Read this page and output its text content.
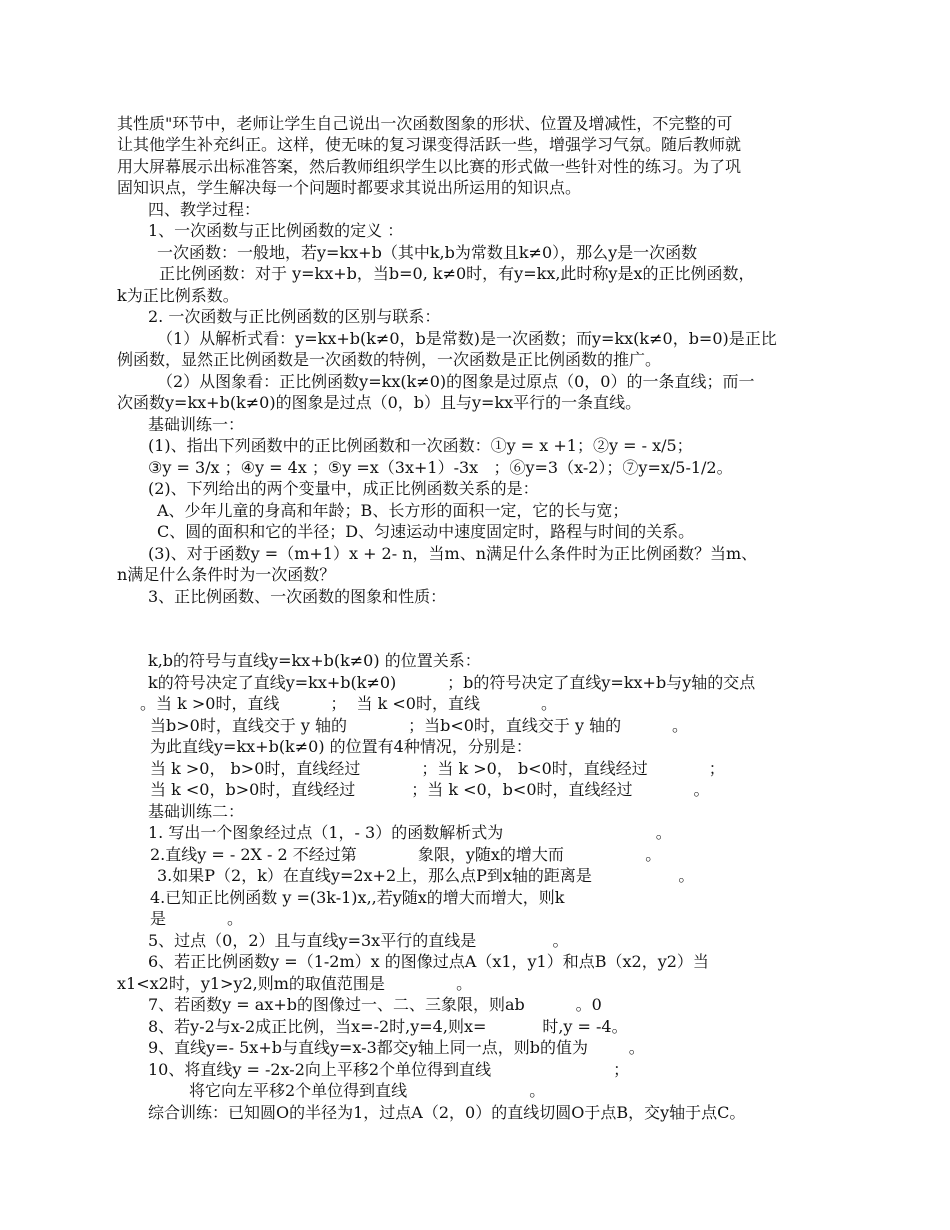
其性质"环节中，老师让学生自己说出一次函数图象的形状、位置及增减性，不完整的可
让其他学生补充纠正。这样，使无味的复习课变得活跃一些，增强学习气氛。随后教师就
用大屏幕展示出标准答案，然后教师组织学生以比赛的形式做一些针对性的练习。为了巩
固知识点，学生解决每一个问题时都要求其说出所运用的知识点。
四、教学过程：
1、一次函数与正比例函数的定义 ：
一次函数：一般地，若y=kx+b（其中k,b为常数且k≠0），那么y是一次函数
正比例函数：对于 y=kx+b，当b=0, k≠0时，有y=kx,此时称y是x的正比例函数，
k为正比例系数。
2. 一次函数与正比例函数的区别与联系：
（1）从解析式看：y=kx+b(k≠0，b是常数)是一次函数；而y=kx(k≠0，b=0)是正比
例函数，显然正比例函数是一次函数的特例，一次函数是正比例函数的推广。
（2）从图象看：正比例函数y=kx(k≠0)的图象是过原点（0，0）的一条直线；而一
次函数y=kx+b(k≠0)的图象是过点（0，b）且与y=kx平行的一条直线。
基础训练一：
(1)、指出下列函数中的正比例函数和一次函数：①y = x +1；②y = - x/5；
③y = 3/x ；④y = 4x ；⑤y =x（3x+1）-3x   ；⑥y=3（x-2）；⑦y=x/5-1/2。
(2)、下列给出的两个变量中，成正比例函数关系的是：
A、少年儿童的身高和年龄；B、长方形的面积一定，它的长与宽；
C、圆的面积和它的半径；D、匀速运动中速度固定时，路程与时间的关系。
(3)、对于函数y =（m+1）x + 2- n，当m、n满足什么条件时为正比例函数？当m、
n满足什么条件时为一次函数？
3、正比例函数、一次函数的图象和性质：
k,b的符号与直线y=kx+b(k≠0) 的位置关系：
k的符号决定了直线y=kx+b(k≠0)          ；b的符号决定了直线y=kx+b与y轴的交点
。当 k >0时，直线          ；  当 k <0时，直线            。
当b>0时，直线交于 y 轴的            ；当b<0时，直线交于 y 轴的          。
为此直线y=kx+b(k≠0) 的位置有4种情况，分别是：
当 k >0， b>0时，直线经过            ；当 k >0， b<0时，直线经过            ；
当 k <0，b>0时，直线经过           ；当 k <0，b<0时，直线经过            。
基础训练二：
1. 写出一个图象经过点（1，- 3）的函数解析式为                              。
2.直线y = - 2X - 2 不经过第            象限，y随x的增大而                。
3.如果P（2，k）在直线y=2x+2上，那么点P到x轴的距离是                 。
4.已知正比例函数 y =(3k-1)x,,若y随x的增大而增大，则k
是            。
5、过点（0，2）且与直线y=3x平行的直线是               。
6、若正比例函数y =（1-2m）x 的图像过点A（x1，y1）和点B（x2，y2）当
x1<x2时，y1>y2,则m的取值范围是              。
7、若函数y = ax+b的图像过一、二、三象限，则ab          。0
8、若y-2与x-2成正比例，当x=-2时,y=4,则x=           时,y = -4。
9、直线y=- 5x+b与直线y=x-3都交y轴上同一点，则b的值为        。
10、将直线y = -2x-2向上平移2个单位得到直线                        ；
将它向左平移2个单位得到直线                        。
综合训练：已知圆O的半径为1，过点A（2，0）的直线切圆O于点B，交y轴于点C。
